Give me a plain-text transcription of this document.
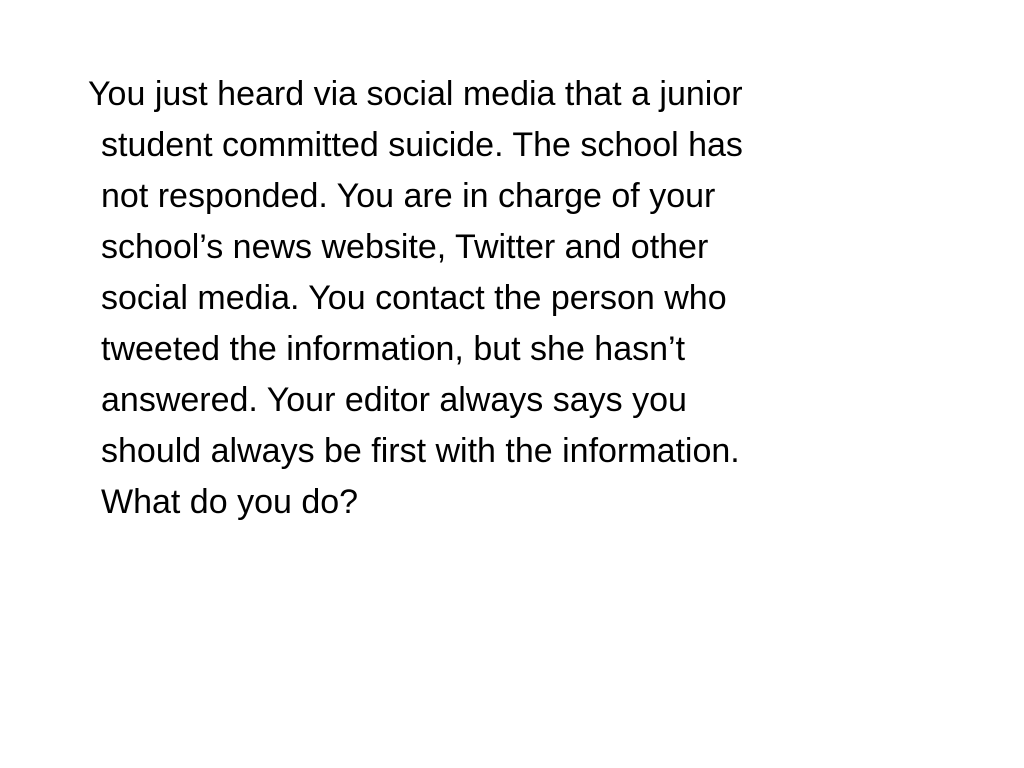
You just heard via social media that a junior
student committed suicide. The school has
not responded. You are in charge of your
school’s news website, Twitter and other
social media. You contact the person who
tweeted the information, but she hasn’t
answered. Your editor always says you
should always be first with the information.
What do you do?
